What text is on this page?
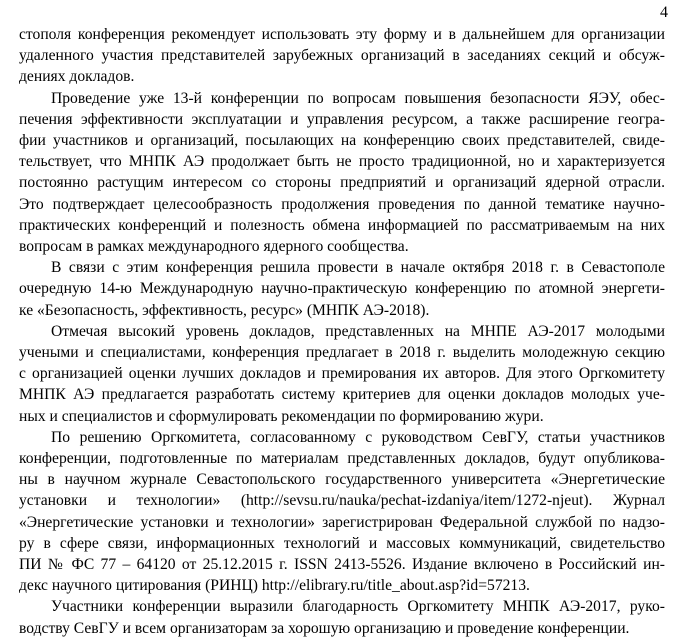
4
стополя конференция рекомендует использовать эту форму и в дальнейшем для организации
удаленного участия представителей зарубежных организаций в заседаниях секций и обсуж-
дениях докладов.
Проведение уже 13-й конференции по вопросам повышения безопасности ЯЭУ, обес-
печения эффективности эксплуатации и управления ресурсом, а также расширение геогра-
фии участников и организаций, посылающих на конференцию своих представителей, свиде-
тельствует, что МНПК АЭ продолжает быть не просто традиционной, но и характеризуется
постоянно растущим интересом со стороны предприятий и организаций ядерной отрасли.
Это подтверждает целесообразность продолжения проведения по данной тематике научно-
практических конференций и полезность обмена информацией по рассматриваемым на них
вопросам в рамках международного ядерного сообщества.
В связи с этим конференция решила провести в начале октября 2018 г. в Севастополе
очередную 14-ю Международную научно-практическую конференцию по атомной энергети-
ке «Безопасность, эффективность, ресурс» (МНПК АЭ-2018).
Отмечая высокий уровень докладов, представленных на МНПЕ АЭ-2017 молодыми
учеными и специалистами, конференция предлагает в 2018 г. выделить молодежную секцию
с организацией оценки лучших докладов и премирования их авторов. Для этого Оргкомитету
МНПК АЭ предлагается разработать систему критериев для оценки докладов молодых уче-
ных и специалистов и сформулировать рекомендации по формированию жури.
По решению Оргкомитета, согласованному с руководством СевГУ, статьи участников
конференции, подготовленные по материалам представленных докладов, будут опубликова-
ны в научном журнале Севастопольского государственного университета «Энергетические
установки и технологии» (http://sevsu.ru/nauka/pechat-izdaniya/item/1272-njeut). Журнал
«Энергетические установки и технологии» зарегистрирован Федеральной службой по надзо-
ру в сфере связи, информационных технологий и массовых коммуникаций, свидетельство
ПИ № ФС 77 – 64120 от 25.12.2015 г. ISSN 2413-5526. Издание включено в Российский ин-
декс научного цитирования (РИНЦ) http://elibrary.ru/title_about.asp?id=57213.
Участники конференции выразили благодарность Оргкомитету МНПК АЭ-2017, руко-
водству СевГУ и всем организаторам за хорошую организацию и проведение конференции.
